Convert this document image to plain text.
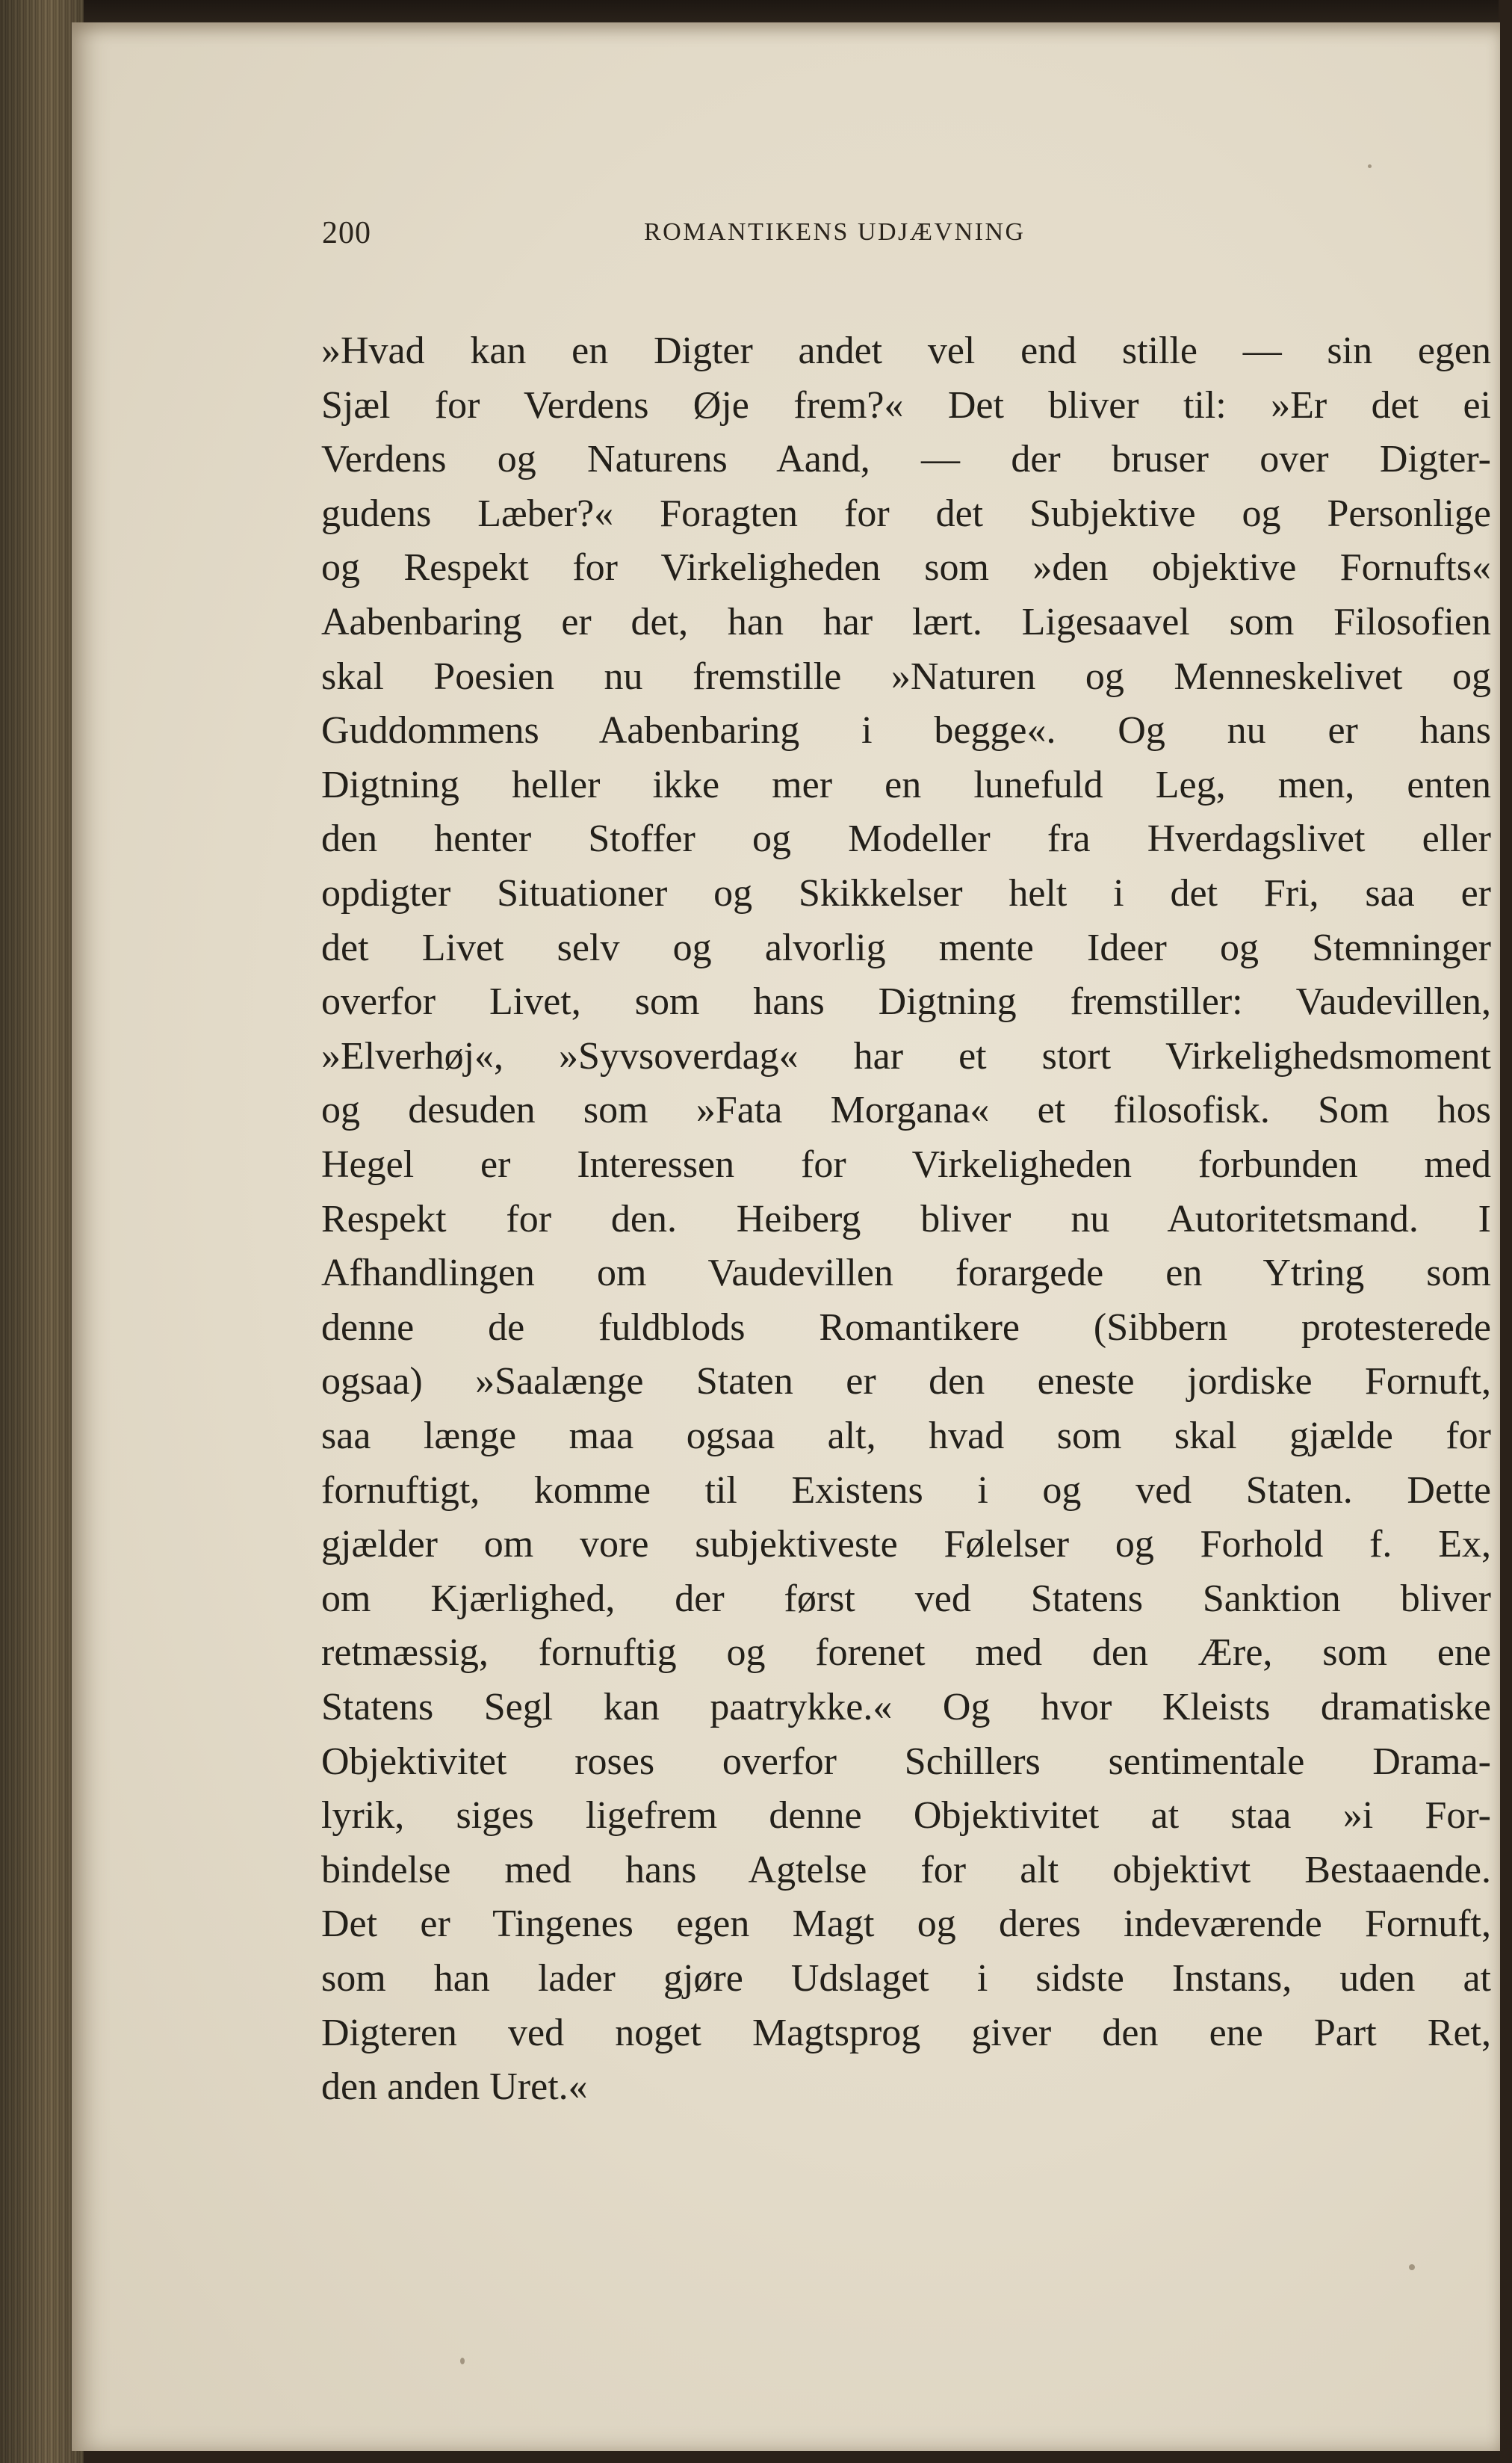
200	ROMANTIKENS UDJÆVNING
»Hvad kan en Digter andet vel end stille — sin egen
Sjæl for Verdens Øje frem?« Det bliver til: »Er det ei
Verdens og Naturens Aand, — der bruser over Digter-
gudens Læber?« Foragten for det Subjektive og Personlige
og Respekt for Virkeligheden som »den objektive Fornufts«
Aabenbaring er det, han har lært. Ligesaavel som Filosofien
skal Poesien nu fremstille »Naturen og Menneskelivet og
Guddommens Aabenbaring i begge«. Og nu er hans
Digtning heller ikke mer en lunefuld Leg, men, enten
den henter Stoffer og Modeller fra Hverdagslivet eller
opdigter Situationer og Skikkelser helt i det Fri, saa er
det Livet selv og alvorlig mente Ideer og Stemninger
overfor Livet, som hans Digtning fremstiller: Vaudevillen,
»Elverhøj«, »Syvsoverdag« har et stort Virkelighedsmoment
og desuden som »Fata Morgana« et filosofisk. Som hos
Hegel er Interessen for Virkeligheden forbunden med
Respekt for den. Heiberg bliver nu Autoritetsmand. I
Afhandlingen om Vaudevillen forargede en Ytring som
denne de fuldblods Romantikere (Sibbern protesterede
ogsaa) »Saalænge Staten er den eneste jordiske Fornuft,
saa længe maa ogsaa alt, hvad som skal gjælde for
fornuftigt, komme til Existens i og ved Staten. Dette
gjælder om vore subjektiveste Følelser og Forhold f. Ex,
om Kjærlighed, der først ved Statens Sanktion bliver
retmæssig, fornuftig og forenet med den Ære, som ene
Statens Segl kan paatrykke.« Og hvor Kleists dramatiske
Objektivitet roses overfor Schillers sentimentale Drama-
lyrik, siges ligefrem denne Objektivitet at staa »i For-
bindelse med hans Agtelse for alt objektivt Bestaaende.
Det er Tingenes egen Magt og deres indeværende Fornuft,
som han lader gjøre Udslaget i sidste Instans, uden at
Digteren ved noget Magtsprog giver den ene Part Ret,
den anden Uret.«
